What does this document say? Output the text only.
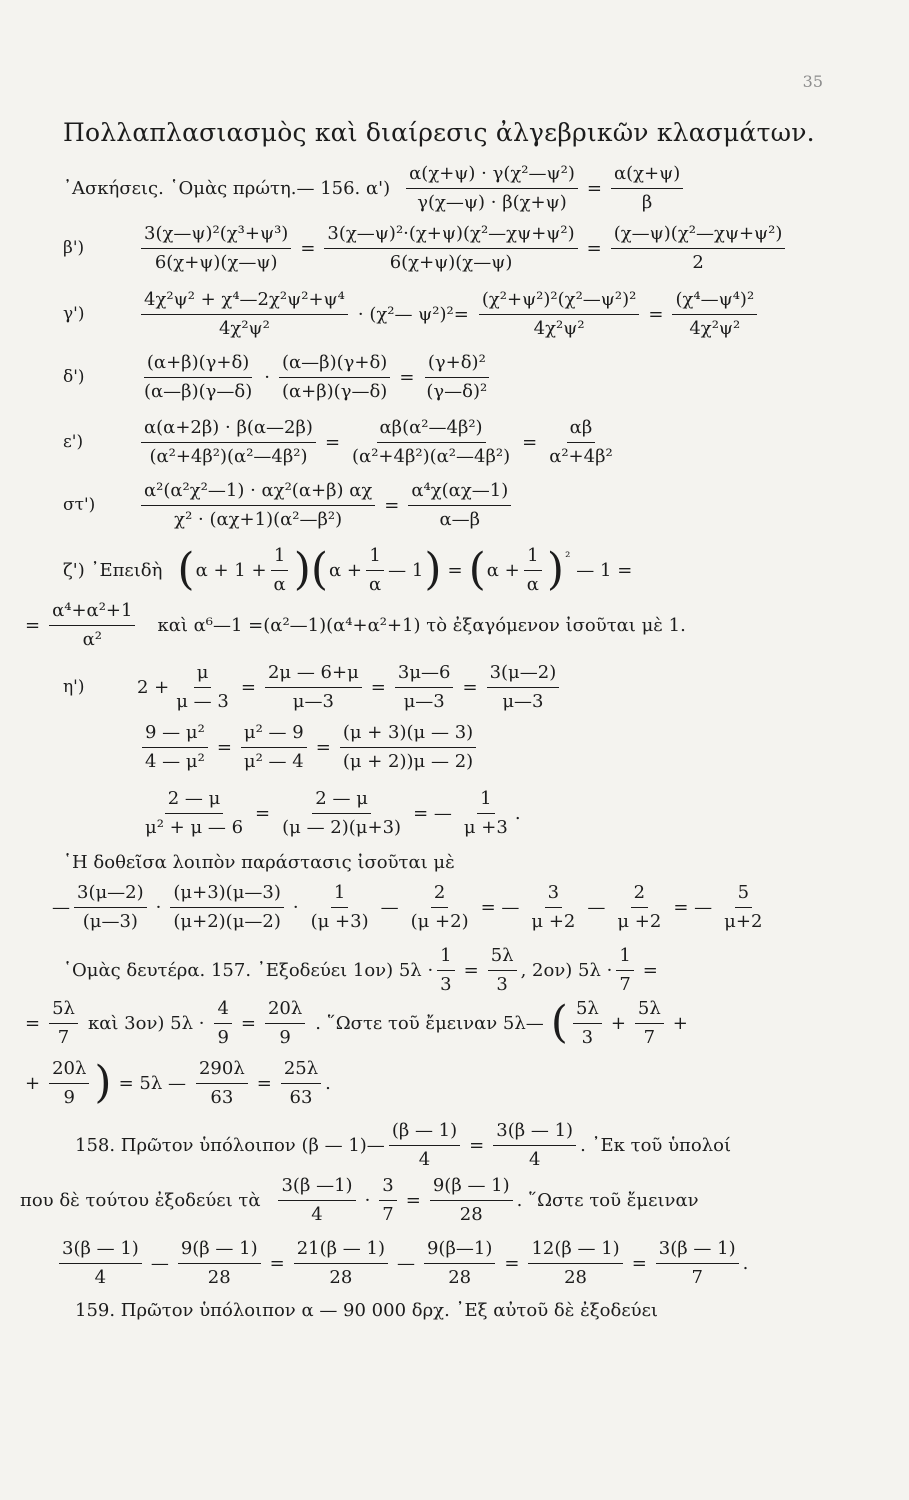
35
Πολλαπλασιασμὸς καὶ διαίρεσις ἀλγεβρικῶν κλασμάτων.
᾿Ασκήσεις. ῾Ομὰς πρώτη.— 156. $\alpha') \frac{\text{α(χ+ψ) · γ(χ²—ψ²)}}{\gamma(\chi—\psi) \cdot \beta(\chi+\psi)} = \frac{\alpha(\chi+\psi)}{\beta}$
β')	$\frac{\text{3(χ—ψ)²(χ³+ψ³)}}{6(\chi+\psi)(\chi—\psi)} = \frac{\text{3(χ—ψ)²·(χ+ψ)(χ²—χψ+ψ²)}}{6(\chi+\psi)(\chi—\psi)} = \frac{\text{(χ—ψ)(χ²—χψ+ψ²)}}{2}$
γ')
4χ²ψ² + χ⁴—2χ²ψ²+ψ⁴
4χ²ψ²
· (χ²— $\psi^2)^2= \frac{\text{(χ²+ψ²)²(χ²—ψ²)²}}{\text{4χ²ψ²}} = \frac{\text{(χ⁴—ψ⁴)²}}{\text{4χ²ψ²}}$
δ')
(α+β)(γ+δ)
(α—β)(γ—δ)
· $\frac{(\alpha—\beta)(\gamma+\delta)}{(\alpha+\beta)(\gamma—\delta)} = \frac{\text{(γ+δ)²}}{\text{(γ—δ)²}}$
ε')	$\frac{\alpha(\alpha+2\beta) \cdot \beta(\alpha—2\beta)}{\text{(α²+4β²)(α²—4β²)}} = \frac{\text{αβ(α²—4β²)}}{\text{(α²+4β²)(α²—4β²)}} = \frac{\alpha\beta}{\text{α²+4β²}}$
στ')	$\frac{\text{α²(α²χ²—1) · αχ²(α+β) αχ}}{\text{χ² · (αχ+1)(α²—β²)}} = \frac{\text{α⁴χ(αχ—1)}}{\alpha—\beta}$
ζ') ᾿Επειδὴ ( $\alpha + 1 + \frac{1}{\alpha}$ )( $\alpha + \frac{1}{\alpha}$ — 1 ) = ( $\alpha + \frac{1}{\alpha} )^{^2}$
— 1 =
= $\frac{\text{α⁴+α²+1}}{\text{α²}}$ καὶ α⁶—1 =(α²—1)(α⁴+α²+1) τὸ ἐξαγόμενον ἰσοῦται μὲ 1.
η')	$2 + \frac{\mu}{\mu — 3} = \frac{2\mu — 6+\mu}{\mu—3} = \frac{3\mu—6}{\mu—3} = \frac{3(\mu—2)}{\mu—3}$
$\frac{\text{9 — μ²}}{\text{4 — μ²}} = \frac{\text{μ² — 9}}{\text{μ² — 4}} = \frac{(\mu + 3)(\mu — 3)}{(\mu + 2))\mu — 2)}$
$\frac{2 — \mu}{\text{μ² + μ — 6}} = \frac{2 — \mu}{(\mu — 2)(\mu+3)}$ = —
1
μ +3
.
῾Η δοθεῖσα λοιπὸν παράστασις ἰσοῦται μὲ
—
3(μ—2)
(μ—3)
·
(μ+3)(μ—3)
(μ+2)(μ—2)
·
1
(μ +3)
— $\frac{2}{(\mu +2)}$ = —
3
μ +2
— $\frac{2}{\mu +2}$ = —
5
μ+2
῾Ομὰς δευτέρα. 157. ᾿Εξοδεύει 1ον) $5\lambda \cdot \frac{1}{3} = \frac{5\lambda}{3}$ , 2ον) $5\lambda \cdot \frac{1}{7}$ =
= $\frac{5\lambda}{7}$ καὶ 3ον) $5\lambda \cdot \frac{4}{9} = \frac{20\lambda}{9}$ . ῞Ωστε τοῦ ἔμειναν 5λ— ( 5λ
3
+ $\frac{5\lambda}{7}$ +
+ $\frac{20\lambda}{9}$ ) = 5λ — $\frac{290\lambda}{63} = \frac{25\lambda}{63}$ .
158. Πρῶτον ὑπόλοιπον (β — 1)— $\frac{(\beta — 1)}{4} = \frac{3(\beta — 1)}{4}$ . ᾿Εκ τοῦ ὑπολοί
που δὲ τούτου ἐξοδεύει τὰ
3(β —1)
4
· $\frac{3}{7} = \frac{9(\beta — 1)}{28}$ . ῞Ωστε τοῦ ἔμειναν
3(β — 1)
4
— $\frac{9(\beta — 1)}{28} = \frac{21(\beta — 1)}{28}$ — $\frac{9(\beta—1)}{28} = \frac{12(\beta — 1)}{28} = \frac{3(\beta — 1)}{7}$ .
159. Πρῶτον ὑπόλοιπον α — 90 000 δρχ. ᾿Εξ αὐτοῦ δὲ ἐξοδεύει
